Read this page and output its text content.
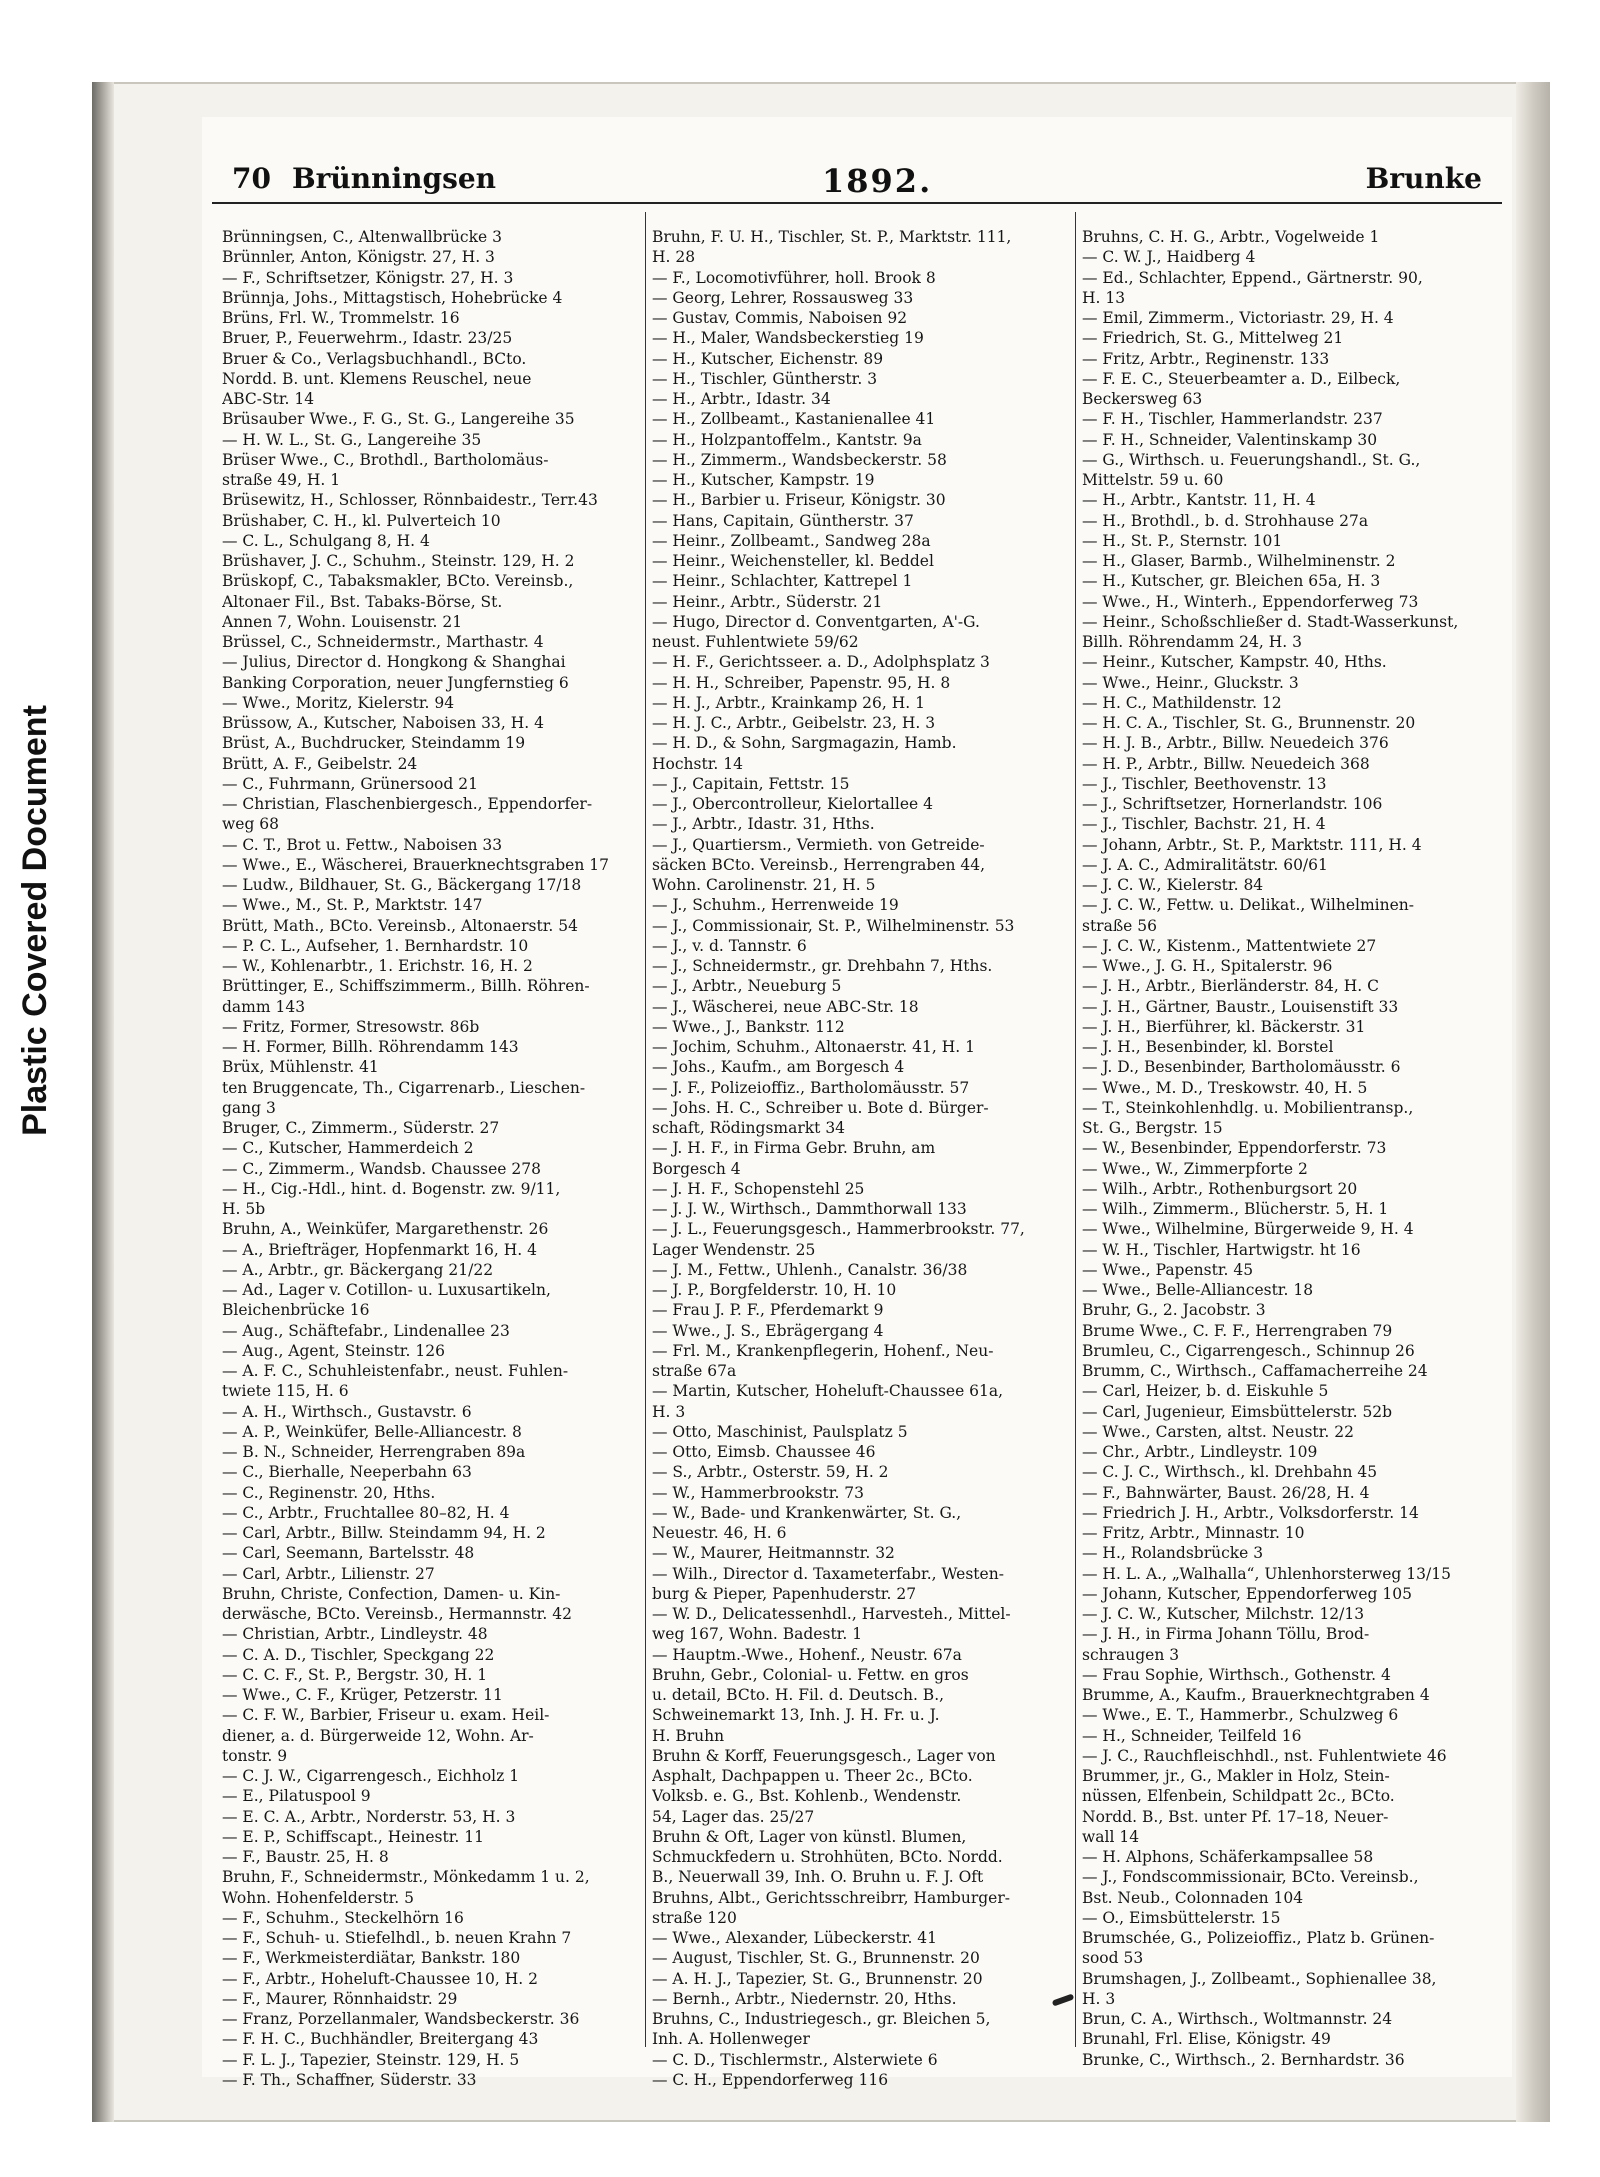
Plastic Covered Document
70 Brünningsen	1892.	Brunke
Brünningsen, C., Altenwallbrücke 3
Brünnler, Anton, Königstr. 27, H. 3
— F., Schriftsetzer, Königstr. 27, H. 3
Brünnja, Johs., Mittagstisch, Hohebrücke 4
Brüns, Frl. W., Trommelstr. 16
Bruer, P., Feuerwehrm., Idastr. 23/25
Bruer & Co., Verlagsbuchhandl., BCto.
Nordd. B. unt. Klemens Reuschel, neue
ABC-Str. 14
Brüsauber Wwe., F. G., St. G., Langereihe 35
— H. W. L., St. G., Langereihe 35
Brüser Wwe., C., Brothdl., Bartholomäus-
straße 49, H. 1
Brüsewitz, H., Schlosser, Rönnbaidestr., Terr.43
Brüshaber, C. H., kl. Pulverteich 10
— C. L., Schulgang 8, H. 4
Brüshaver, J. C., Schuhm., Steinstr. 129, H. 2
Brüskopf, C., Tabaksmakler, BCto. Vereinsb.,
Altonaer Fil., Bst. Tabaks-Börse, St.
Annen 7, Wohn. Louisenstr. 21
Brüssel, C., Schneidermstr., Marthastr. 4
— Julius, Director d. Hongkong & Shanghai
Banking Corporation, neuer Jungfernstieg 6
— Wwe., Moritz, Kielerstr. 94
Brüssow, A., Kutscher, Naboisen 33, H. 4
Brüst, A., Buchdrucker, Steindamm 19
Brütt, A. F., Geibelstr. 24
— C., Fuhrmann, Grünersood 21
— Christian, Flaschenbiergesch., Eppendorfer-
weg 68
— C. T., Brot u. Fettw., Naboisen 33
— Wwe., E., Wäscherei, Brauerknechtsgraben 17
— Ludw., Bildhauer, St. G., Bäckergang 17/18
— Wwe., M., St. P., Marktstr. 147
Brütt, Math., BCto. Vereinsb., Altonaerstr. 54
— P. C. L., Aufseher, 1. Bernhardstr. 10
— W., Kohlenarbtr., 1. Erichstr. 16, H. 2
Brüttinger, E., Schiffszimmerm., Billh. Röhren-
damm 143
— Fritz, Former, Stresowstr. 86b
— H. Former, Billh. Röhrendamm 143
Brüx, Mühlenstr. 41
ten Bruggencate, Th., Cigarrenarb., Lieschen-
gang 3
Bruger, C., Zimmerm., Süderstr. 27
— C., Kutscher, Hammerdeich 2
— C., Zimmerm., Wandsb. Chaussee 278
— H., Cig.-Hdl., hint. d. Bogenstr. zw. 9/11,
H. 5b
Bruhn, A., Weinküfer, Margarethenstr. 26
— A., Briefträger, Hopfenmarkt 16, H. 4
— A., Arbtr., gr. Bäckergang 21/22
— Ad., Lager v. Cotillon- u. Luxusartikeln,
Bleichenbrücke 16
— Aug., Schäftefabr., Lindenallee 23
— Aug., Agent, Steinstr. 126
— A. F. C., Schuhleistenfabr., neust. Fuhlen-
twiete 115, H. 6
— A. H., Wirthsch., Gustavstr. 6
— A. P., Weinküfer, Belle-Alliancestr. 8
— B. N., Schneider, Herrengraben 89a
— C., Bierhalle, Neeperbahn 63
— C., Reginenstr. 20, Hths.
— C., Arbtr., Fruchtallee 80–82, H. 4
— Carl, Arbtr., Billw. Steindamm 94, H. 2
— Carl, Seemann, Bartelsstr. 48
— Carl, Arbtr., Lilienstr. 27
Bruhn, Christe, Confection, Damen- u. Kin-
derwäsche, BCto. Vereinsb., Hermannstr. 42
— Christian, Arbtr., Lindleystr. 48
— C. A. D., Tischler, Speckgang 22
— C. C. F., St. P., Bergstr. 30, H. 1
— Wwe., C. F., Krüger, Petzerstr. 11
— C. F. W., Barbier, Friseur u. exam. Heil-
diener, a. d. Bürgerweide 12, Wohn. Ar-
tonstr. 9
— C. J. W., Cigarrengesch., Eichholz 1
— E., Pilatuspool 9
— E. C. A., Arbtr., Norderstr. 53, H. 3
— E. P., Schiffscapt., Heinestr. 11
— F., Baustr. 25, H. 8
Bruhn, F., Schneidermstr., Mönkedamm 1 u. 2,
Wohn. Hohenfelderstr. 5
— F., Schuhm., Steckelhörn 16
— F., Schuh- u. Stiefelhdl., b. neuen Krahn 7
— F., Werkmeisterdiätar, Bankstr. 180
— F., Arbtr., Hoheluft-Chaussee 10, H. 2
— F., Maurer, Rönnhaidstr. 29
— Franz, Porzellanmaler, Wandsbeckerstr. 36
— F. H. C., Buchhändler, Breitergang 43
— F. L. J., Tapezier, Steinstr. 129, H. 5
— F. Th., Schaffner, Süderstr. 33
Bruhn, F. U. H., Tischler, St. P., Marktstr. 111,
H. 28
— F., Locomotivführer, holl. Brook 8
— Georg, Lehrer, Rossausweg 33
— Gustav, Commis, Naboisen 92
— H., Maler, Wandsbeckerstieg 19
— H., Kutscher, Eichenstr. 89
— H., Tischler, Güntherstr. 3
— H., Arbtr., Idastr. 34
— H., Zollbeamt., Kastanienallee 41
— H., Holzpantoffelm., Kantstr. 9a
— H., Zimmerm., Wandsbeckerstr. 58
— H., Kutscher, Kampstr. 19
— H., Barbier u. Friseur, Königstr. 30
— Hans, Capitain, Güntherstr. 37
— Heinr., Zollbeamt., Sandweg 28a
— Heinr., Weichensteller, kl. Beddel
— Heinr., Schlachter, Kattrepel 1
— Heinr., Arbtr., Süderstr. 21
— Hugo, Director d. Conventgarten, A'-G.
neust. Fuhlentwiete 59/62
— H. F., Gerichtsseer. a. D., Adolphsplatz 3
— H. H., Schreiber, Papenstr. 95, H. 8
— H. J., Arbtr., Krainkamp 26, H. 1
— H. J. C., Arbtr., Geibelstr. 23, H. 3
— H. D., & Sohn, Sargmagazin, Hamb.
Hochstr. 14
— J., Capitain, Fettstr. 15
— J., Obercontrolleur, Kielortallee 4
— J., Arbtr., Idastr. 31, Hths.
— J., Quartiersm., Vermieth. von Getreide-
säcken BCto. Vereinsb., Herrengraben 44,
Wohn. Carolinenstr. 21, H. 5
— J., Schuhm., Herrenweide 19
— J., Commissionair, St. P., Wilhelminenstr. 53
— J., v. d. Tannstr. 6
— J., Schneidermstr., gr. Drehbahn 7, Hths.
— J., Arbtr., Neueburg 5
— J., Wäscherei, neue ABC-Str. 18
— Wwe., J., Bankstr. 112
— Jochim, Schuhm., Altonaerstr. 41, H. 1
— Johs., Kaufm., am Borgesch 4
— J. F., Polizeioffiz., Bartholomäusstr. 57
— Johs. H. C., Schreiber u. Bote d. Bürger-
schaft, Rödingsmarkt 34
— J. H. F., in Firma Gebr. Bruhn, am
Borgesch 4
— J. H. F., Schopenstehl 25
— J. J. W., Wirthsch., Dammthorwall 133
— J. L., Feuerungsgesch., Hammerbrookstr. 77,
Lager Wendenstr. 25
— J. M., Fettw., Uhlenh., Canalstr. 36/38
— J. P., Borgfelderstr. 10, H. 10
— Frau J. P. F., Pferdemarkt 9
— Wwe., J. S., Ebrägergang 4
— Frl. M., Krankenpflegerin, Hohenf., Neu-
straße 67a
— Martin, Kutscher, Hoheluft-Chaussee 61a,
H. 3
— Otto, Maschinist, Paulsplatz 5
— Otto, Eimsb. Chaussee 46
— S., Arbtr., Osterstr. 59, H. 2
— W., Hammerbrookstr. 73
— W., Bade- und Krankenwärter, St. G.,
Neuestr. 46, H. 6
— W., Maurer, Heitmannstr. 32
— Wilh., Director d. Taxameterfabr., Westen-
burg & Pieper, Papenhuderstr. 27
— W. D., Delicatessenhdl., Harvesteh., Mittel-
weg 167, Wohn. Badestr. 1
— Hauptm.-Wwe., Hohenf., Neustr. 67a
Bruhn, Gebr., Colonial- u. Fettw. en gros
u. detail, BCto. H. Fil. d. Deutsch. B.,
Schweinemarkt 13, Inh. J. H. Fr. u. J.
H. Bruhn
Bruhn & Korff, Feuerungsgesch., Lager von
Asphalt, Dachpappen u. Theer 2c., BCto.
Volksb. e. G., Bst. Kohlenb., Wendenstr.
54, Lager das. 25/27
Bruhn & Oft, Lager von künstl. Blumen,
Schmuckfedern u. Strohhüten, BCto. Nordd.
B., Neuerwall 39, Inh. O. Bruhn u. F. J. Oft
Bruhns, Albt., Gerichtsschreibrr, Hamburger-
straße 120
— Wwe., Alexander, Lübeckerstr. 41
— August, Tischler, St. G., Brunnenstr. 20
— A. H. J., Tapezier, St. G., Brunnenstr. 20
— Bernh., Arbtr., Niedernstr. 20, Hths.
Bruhns, C., Industriegesch., gr. Bleichen 5,
Inh. A. Hollenweger
— C. D., Tischlermstr., Alsterwiete 6
— C. H., Eppendorferweg 116
Bruhns, C. H. G., Arbtr., Vogelweide 1
— C. W. J., Haidberg 4
— Ed., Schlachter, Eppend., Gärtnerstr. 90,
H. 13
— Emil, Zimmerm., Victoriastr. 29, H. 4
— Friedrich, St. G., Mittelweg 21
— Fritz, Arbtr., Reginenstr. 133
— F. E. C., Steuerbeamter a. D., Eilbeck,
Beckersweg 63
— F. H., Tischler, Hammerlandstr. 237
— F. H., Schneider, Valentinskamp 30
— G., Wirthsch. u. Feuerungshandl., St. G.,
Mittelstr. 59 u. 60
— H., Arbtr., Kantstr. 11, H. 4
— H., Brothdl., b. d. Strohhause 27a
— H., St. P., Sternstr. 101
— H., Glaser, Barmb., Wilhelminenstr. 2
— H., Kutscher, gr. Bleichen 65a, H. 3
— Wwe., H., Winterh., Eppendorferweg 73
— Heinr., Schoßschließer d. Stadt-Wasserkunst,
Billh. Röhrendamm 24, H. 3
— Heinr., Kutscher, Kampstr. 40, Hths.
— Wwe., Heinr., Gluckstr. 3
— H. C., Mathildenstr. 12
— H. C. A., Tischler, St. G., Brunnenstr. 20
— H. J. B., Arbtr., Billw. Neuedeich 376
— H. P., Arbtr., Billw. Neuedeich 368
— J., Tischler, Beethovenstr. 13
— J., Schriftsetzer, Hornerlandstr. 106
— J., Tischler, Bachstr. 21, H. 4
— Johann, Arbtr., St. P., Marktstr. 111, H. 4
— J. A. C., Admiralitätstr. 60/61
— J. C. W., Kielerstr. 84
— J. C. W., Fettw. u. Delikat., Wilhelminen-
straße 56
— J. C. W., Kistenm., Mattentwiete 27
— Wwe., J. G. H., Spitalerstr. 96
— J. H., Arbtr., Bierländerstr. 84, H. C
— J. H., Gärtner, Baustr., Louisenstift 33
— J. H., Bierführer, kl. Bäckerstr. 31
— J. H., Besenbinder, kl. Borstel
— J. D., Besenbinder, Bartholomäusstr. 6
— Wwe., M. D., Treskowstr. 40, H. 5
— T., Steinkohlenhdlg. u. Mobilientransp.,
St. G., Bergstr. 15
— W., Besenbinder, Eppendorferstr. 73
— Wwe., W., Zimmerpforte 2
— Wilh., Arbtr., Rothenburgsort 20
— Wilh., Zimmerm., Blücherstr. 5, H. 1
— Wwe., Wilhelmine, Bürgerweide 9, H. 4
— W. H., Tischler, Hartwigstr. ht 16
— Wwe., Papenstr. 45
— Wwe., Belle-Alliancestr. 18
Bruhr, G., 2. Jacobstr. 3
Brume Wwe., C. F. F., Herrengraben 79
Brumleu, C., Cigarrengesch., Schinnup 26
Brumm, C., Wirthsch., Caffamacherreihe 24
— Carl, Heizer, b. d. Eiskuhle 5
— Carl, Jugenieur, Eimsbüttelerstr. 52b
— Wwe., Carsten, altst. Neustr. 22
— Chr., Arbtr., Lindleystr. 109
— C. J. C., Wirthsch., kl. Drehbahn 45
— F., Bahnwärter, Baust. 26/28, H. 4
— Friedrich J. H., Arbtr., Volksdorferstr. 14
— Fritz, Arbtr., Minnastr. 10
— H., Rolandsbrücke 3
— H. L. A., „Walhalla“, Uhlenhorsterweg 13/15
— Johann, Kutscher, Eppendorferweg 105
— J. C. W., Kutscher, Milchstr. 12/13
— J. H., in Firma Johann Töllu, Brod-
schraugen 3
— Frau Sophie, Wirthsch., Gothenstr. 4
Brumme, A., Kaufm., Brauerknechtgraben 4
— Wwe., E. T., Hammerbr., Schulzweg 6
— H., Schneider, Teilfeld 16
— J. C., Rauchfleischhdl., nst. Fuhlentwiete 46
Brummer, jr., G., Makler in Holz, Stein-
nüssen, Elfenbein, Schildpatt 2c., BCto.
Nordd. B., Bst. unter Pf. 17–18, Neuer-
wall 14
— H. Alphons, Schäferkampsallee 58
— J., Fondscommissionair, BCto. Vereinsb.,
Bst. Neub., Colonnaden 104
— O., Eimsbüttelerstr. 15
Brumschée, G., Polizeioffiz., Platz b. Grünen-
sood 53
Brumshagen, J., Zollbeamt., Sophienallee 38,
H. 3
Brun, C. A., Wirthsch., Woltmannstr. 24
Brunahl, Frl. Elise, Königstr. 49
Brunke, C., Wirthsch., 2. Bernhardstr. 36
